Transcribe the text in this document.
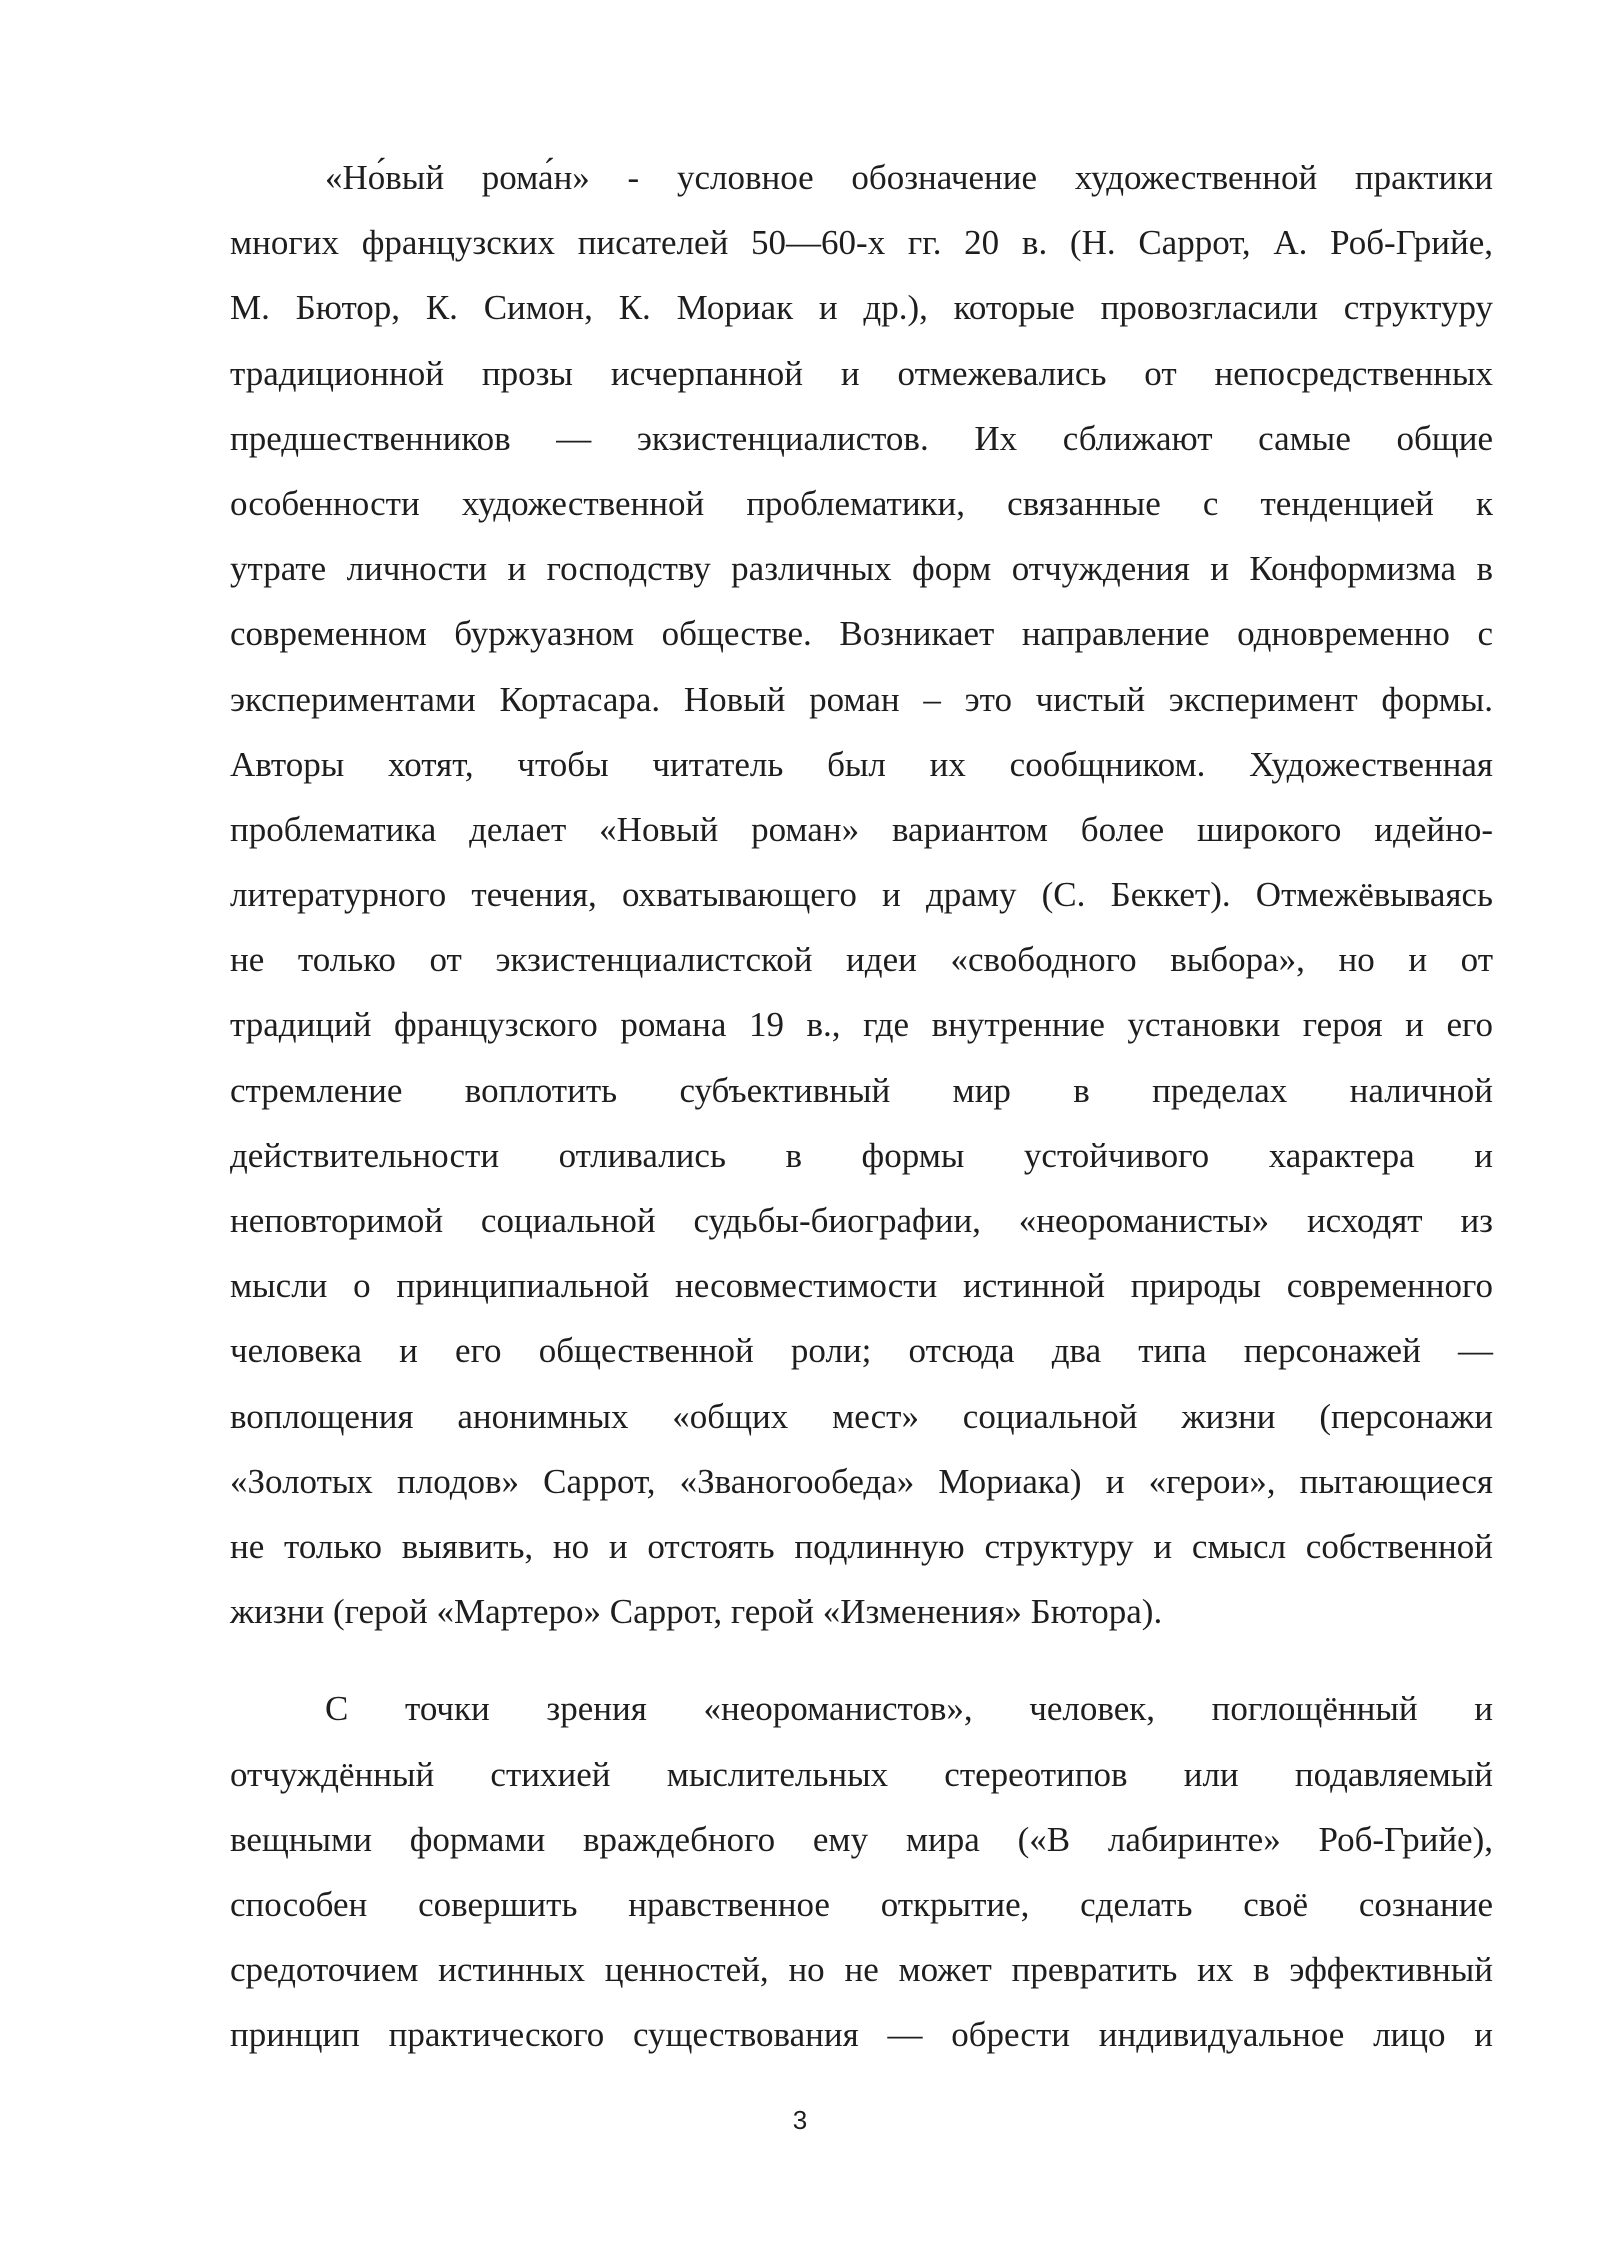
«Но́вый рома́н» - условное обозначение художественной практики
многих французских писателей 50—60-х гг. 20 в. (Н. Саррот, А. Роб-Грийе,
М. Бютор, К. Симон, К. Мориак и др.), которые провозгласили структуру
традиционной прозы исчерпанной и отмежевались от непосредственных
предшественников — экзистенциалистов. Их сближают самые общие
особенности художественной проблематики, связанные с тенденцией к
утрате личности и господству различных форм отчуждения и Конформизма в
современном буржуазном обществе. Возникает направление одновременно с
экспериментами Кортасара. Новый роман – это чистый эксперимент формы.
Авторы хотят, чтобы читатель был их сообщником. Художественная
проблематика делает «Новый роман» вариантом более широкого идейно-
литературного течения, охватывающего и драму (С. Беккет). Отмежёвываясь
не только от экзистенциалистской идеи «свободного выбора», но и от
традиций французского романа 19 в., где внутренние установки героя и его
стремление воплотить субъективный мир в пределах наличной
действительности отливались в формы устойчивого характера и
неповторимой социальной судьбы-биографии, «неороманисты» исходят из
мысли о принципиальной несовместимости истинной природы современного
человека и его общественной роли; отсюда два типа персонажей —
воплощения анонимных «общих мест» социальной жизни (персонажи
«Золотых плодов» Саррот, «Званогообеда» Мориака) и «герои», пытающиеся
не только выявить, но и отстоять подлинную структуру и смысл собственной
жизни (герой «Мартеро» Саррот, герой «Изменения» Бютора).
С точки зрения «неороманистов», человек, поглощённый и
отчуждённый стихией мыслительных стереотипов или подавляемый
вещными формами враждебного ему мира («В лабиринте» Роб-Грийе),
способен совершить нравственное открытие, сделать своё сознание
средоточием истинных ценностей, но не может превратить их в эффективный
принцип практического существования — обрести индивидуальное лицо и
3
